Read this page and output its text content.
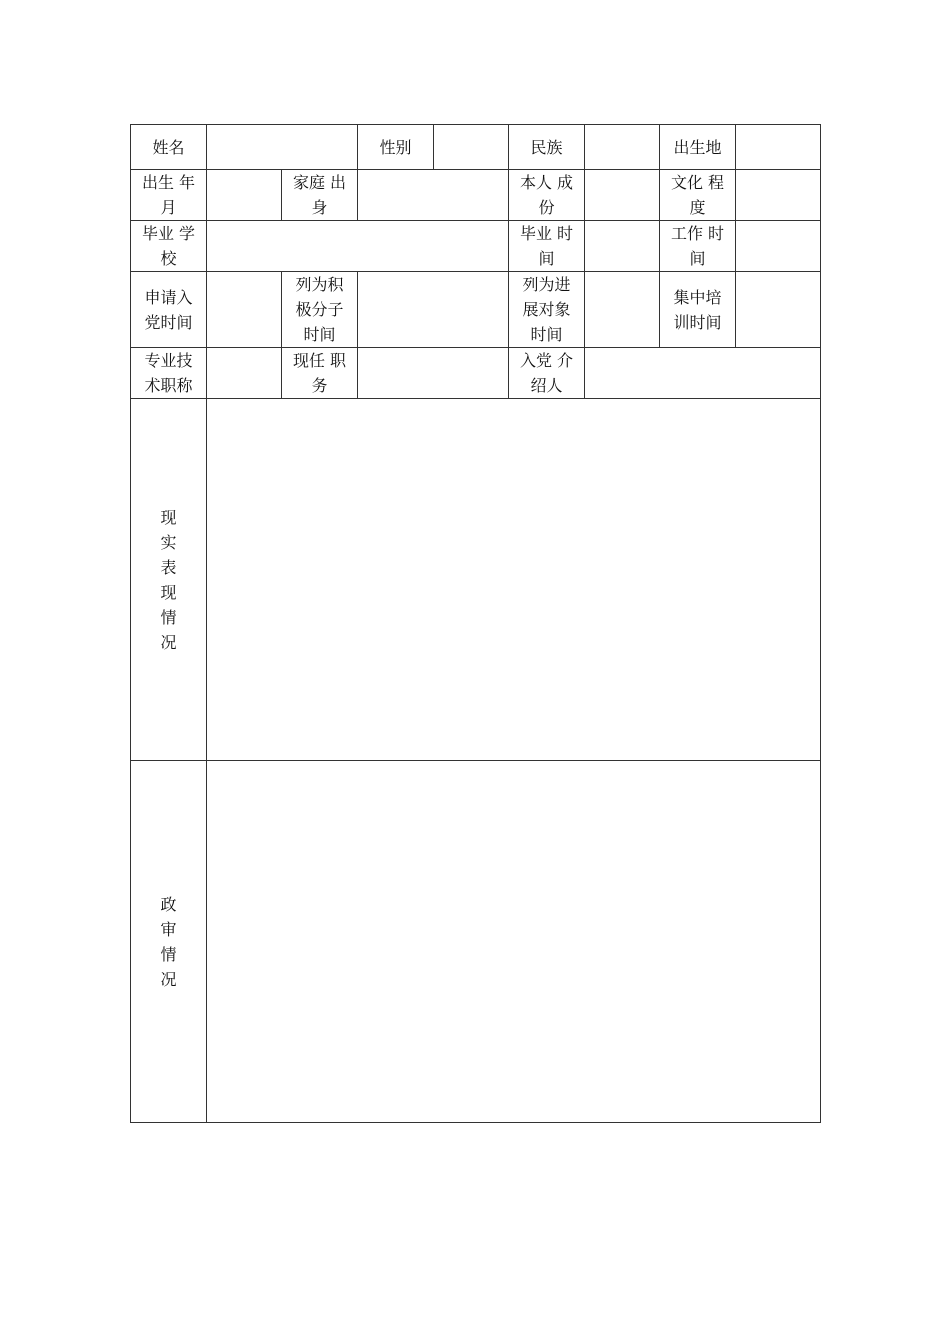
姓名			性别		民族		出生地	
出生 年 月		家庭 出 身			本人 成 份		文化 程 度	
毕业 学 校					毕业 时 间		工作 时 间	
申请入 党时间		列为积 极分子 时间			列为进 展对象 时间		集中培 训时间	
专业技 术职称		现任 职 务			入党 介 绍人			

现实
表现
情况								

政审
情
况								
